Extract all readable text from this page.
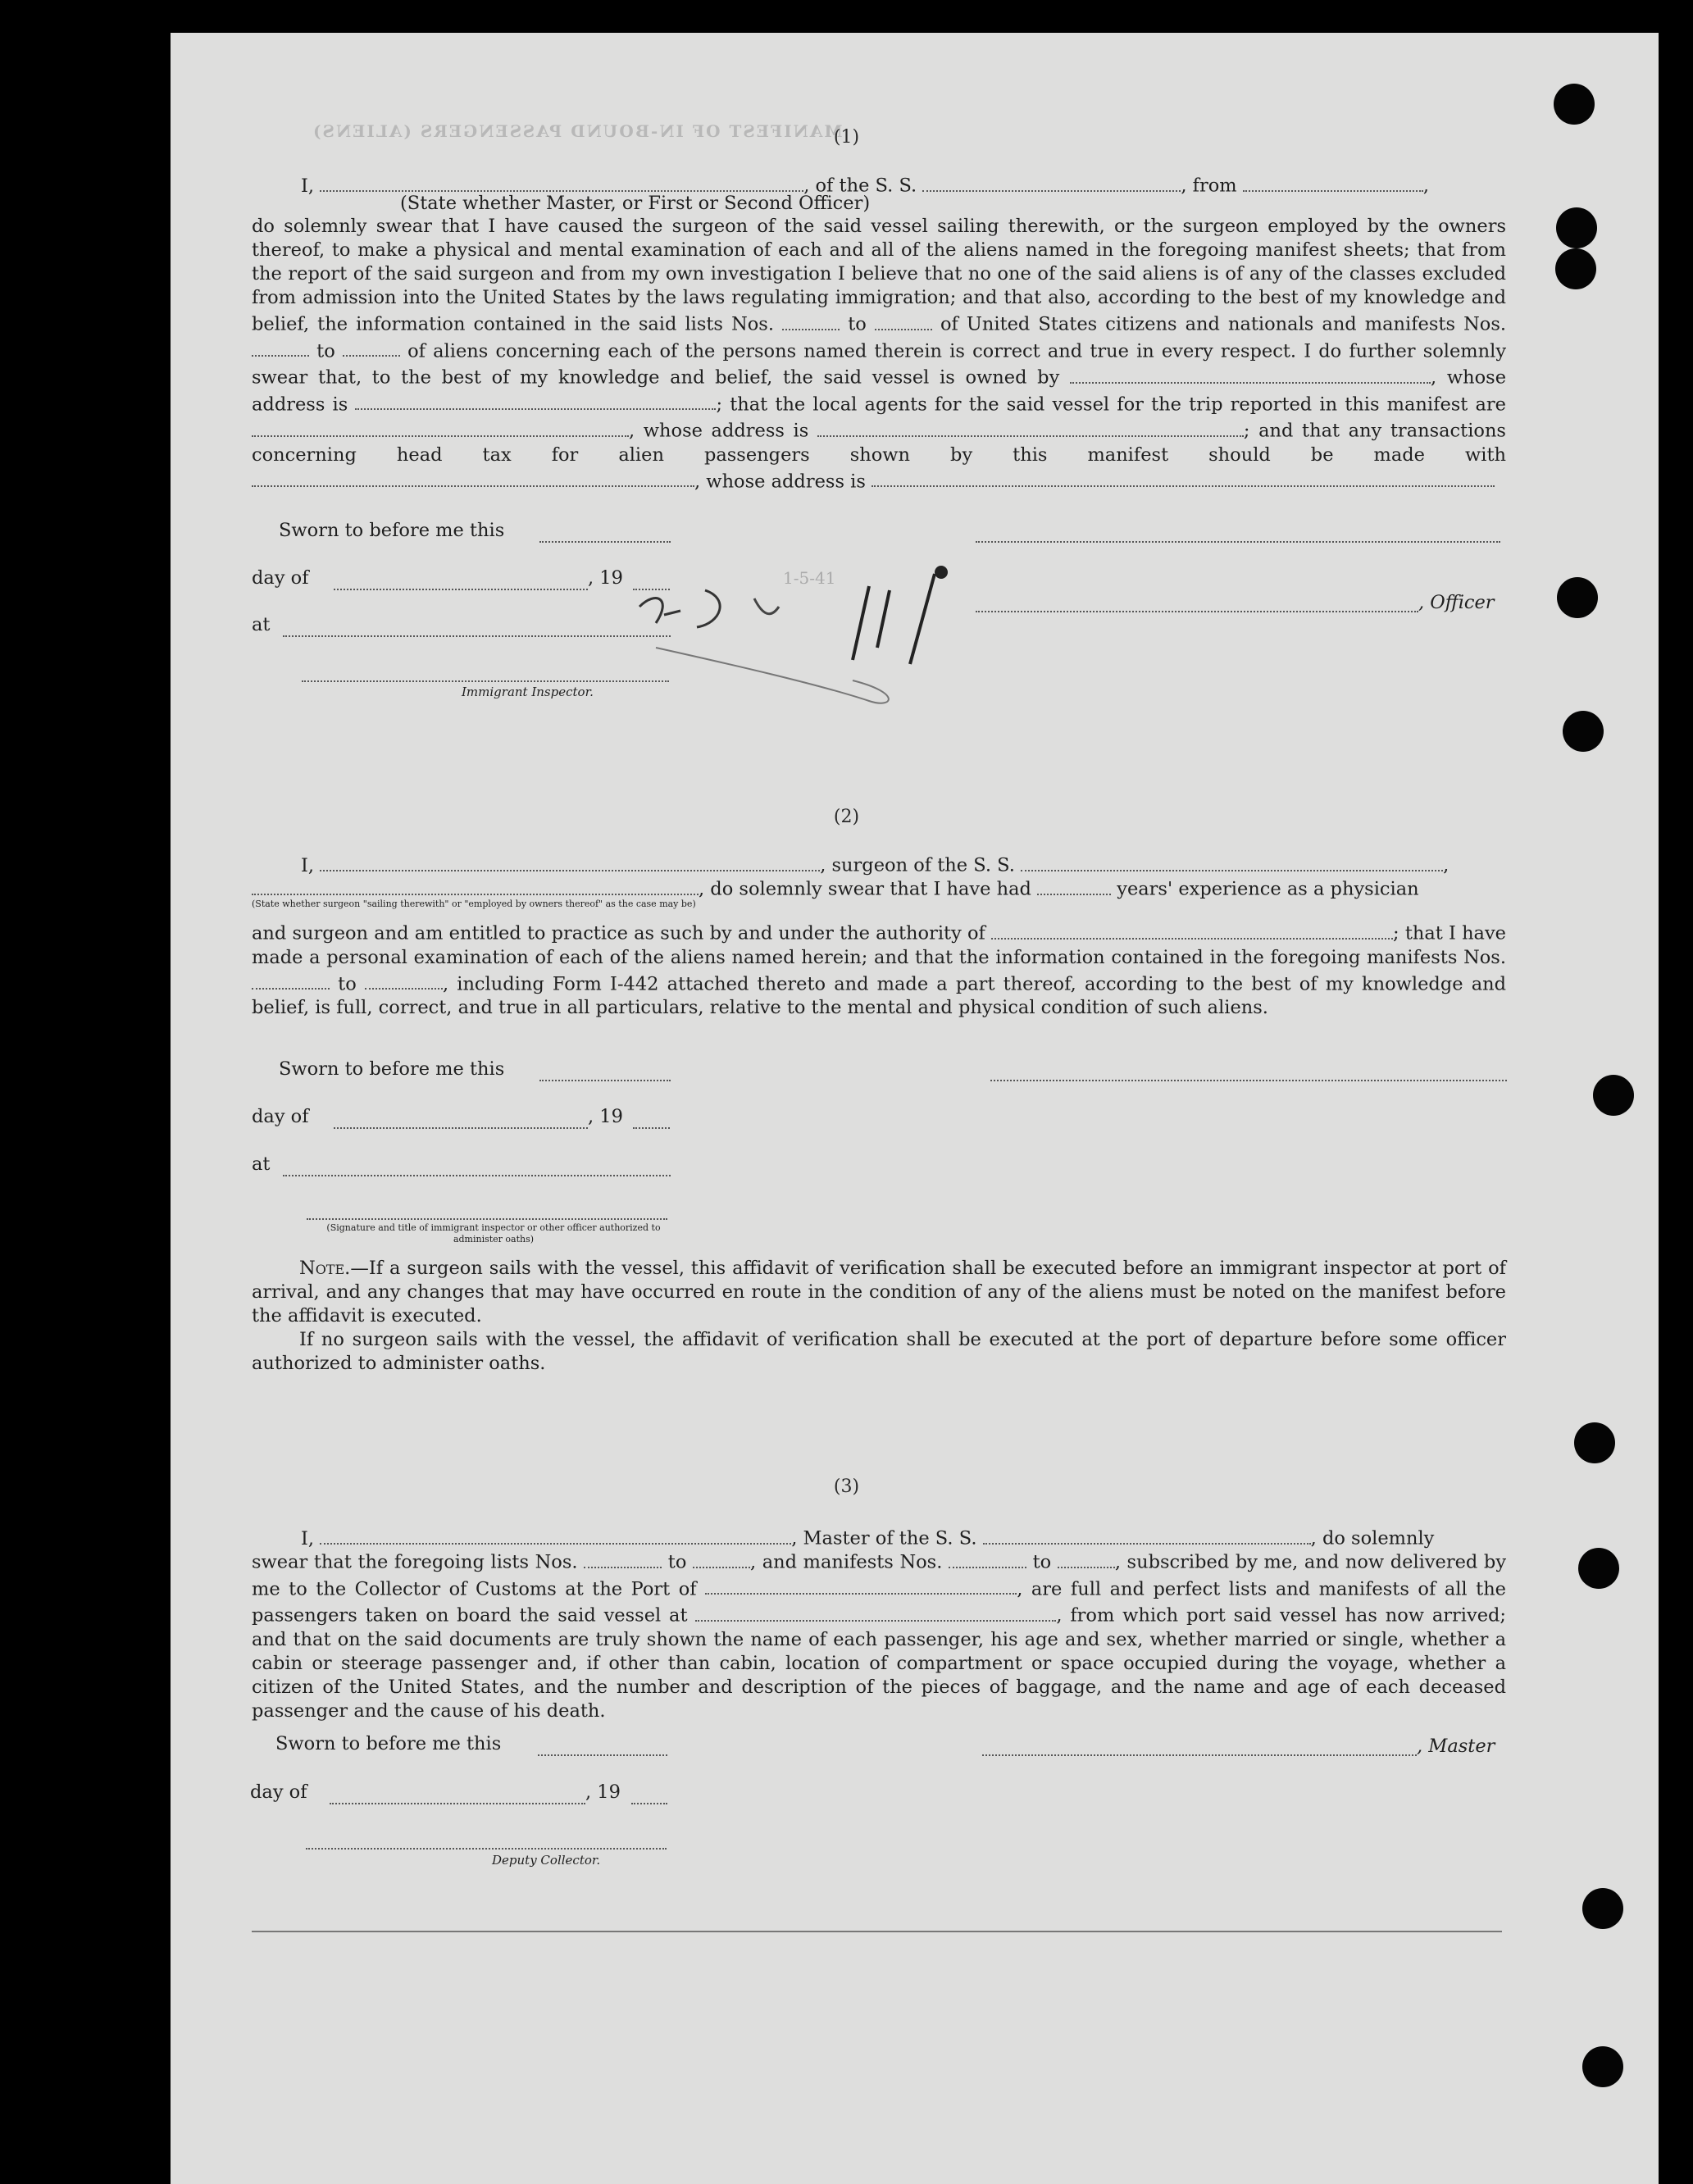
MANIFEST OF IN-BOUND PASSENGERS (ALIENS)
(1)
I,	, of the S. S.	, from	,
(State whether Master, or First or Second Officer)

do solemnly swear that I have caused the surgeon of the said vessel sailing therewith, or the surgeon employed by the owners thereof, to make a physical and mental examination of each and all of the aliens named in the foregoing manifest sheets; that from the report of the said surgeon and from my own investigation I believe that no one of the said aliens is of any of the classes excluded from admission into the United States by the laws regulating immigration; and that also, according to the best of my knowledge and belief, the information contained in the said lists Nos.	to	of United States citizens and nationals and manifests Nos.  to	of aliens concerning each of the persons named therein is correct and true in every respect. I do further solemnly swear that, to the best of my knowledge and belief, the said vessel is owned by	, whose address is	; that the local agents for the said vessel for the trip reported in this manifest are , whose address is	; and that any transactions concerning head tax for alien passengers shown by this manifest should be made with , whose address is

Sworn to before me this
day of	, 19
, Officer
at
Immigrant Inspector.
1-5-41
(2)
I,	, surgeon of the S. S.	,
, do solemnly swear that I have had	years' experience as a physician
(State whether surgeon "sailing therewith" or "employed by owners thereof" as the case may be)

and surgeon and am entitled to practice as such by and under the authority of	; that I have made a personal examination of each of the aliens named herein; and that the information contained in the foregoing manifests Nos.  to	, including Form I-442 attached thereto and made a part thereof, according to the best of my knowledge and belief, is full, correct, and true in all particulars, relative to the mental and physical condition of such aliens.

Sworn to before me this
day of	, 19
at
(Signature and title of immigrant inspector or other officer authorized to administer oaths)

Note.—If a surgeon sails with the vessel, this affidavit of verification shall be executed before an immigrant inspector at port of arrival, and any changes that may have occurred en route in the condition of any of the aliens must be noted on the manifest before the affidavit is executed.

If no surgeon sails with the vessel, the affidavit of verification shall be executed at the port of departure before some officer authorized to administer oaths.

(3)
I,	, Master of the S. S.	, do solemnly

swear that the foregoing lists Nos.	to	, and manifests Nos.	to	, subscribed by me, and now delivered by me to the Collector of Customs at the Port of	, are full and perfect lists and manifests of all the passengers taken on board the said vessel at	, from which port said vessel has now arrived; and that on the said documents are truly shown the name of each passenger, his age and sex, whether married or single, whether a cabin or steerage passenger and, if other than cabin, location of compartment or space occupied during the voyage, whether a citizen of the United States, and the number and description of the pieces of baggage, and the name and age of each deceased passenger and the cause of his death.

Sworn to before me this	, Master
day of	, 19
Deputy Collector.
